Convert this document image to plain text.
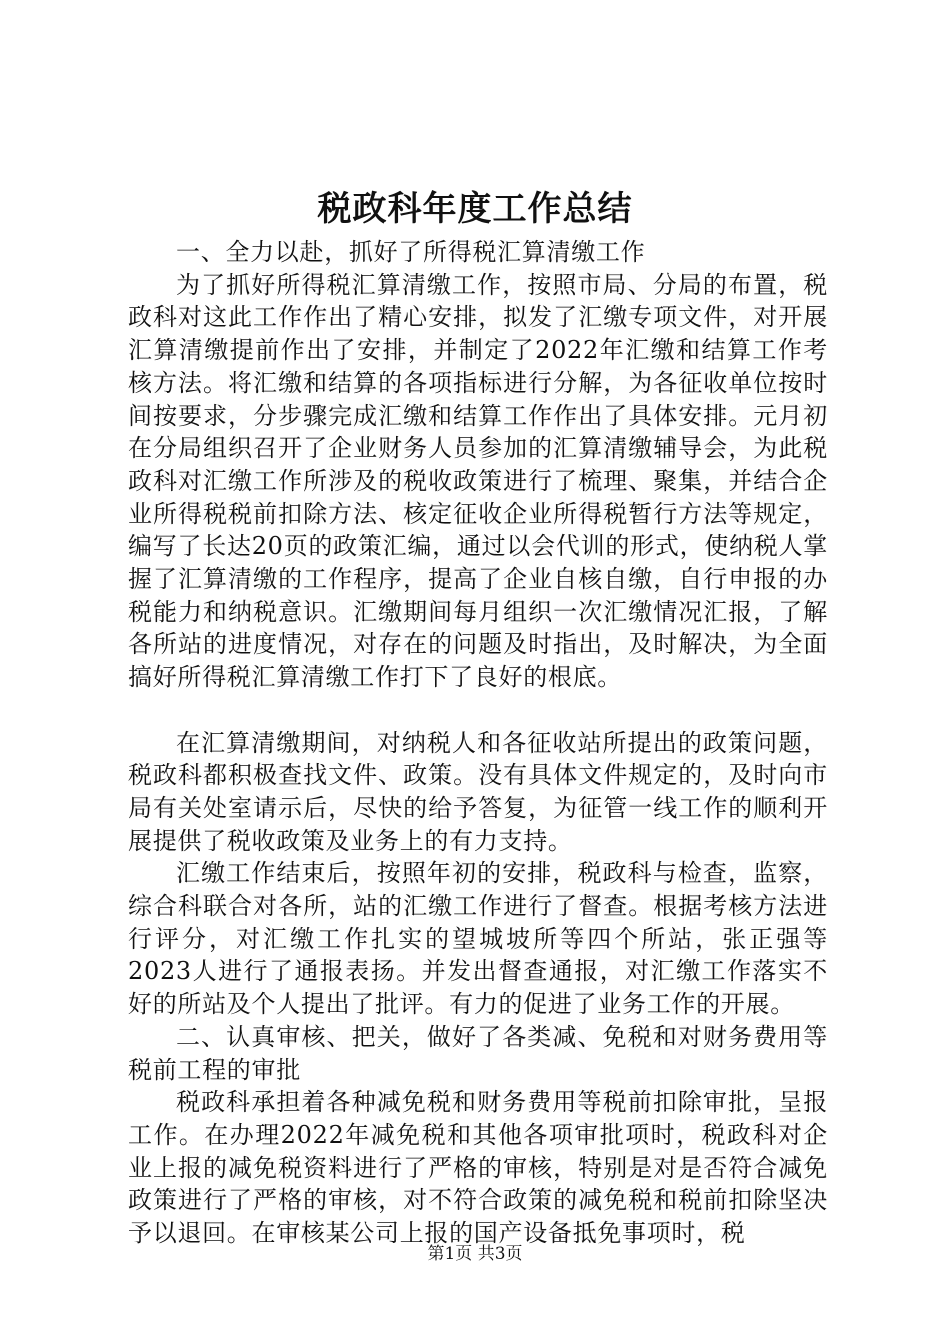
税政科年度工作总结

一、全力以赴，抓好了所得税汇算清缴工作

为了抓好所得税汇算清缴工作，按照市局、分局的布置，税政科对这此工作作出了精心安排，拟发了汇缴专项文件，对开展汇算清缴提前作出了安排，并制定了2022年汇缴和结算工作考核方法。将汇缴和结算的各项指标进行分解，为各征收单位按时间按要求，分步骤完成汇缴和结算工作作出了具体安排。元月初在分局组织召开了企业财务人员参加的汇算清缴辅导会，为此税政科对汇缴工作所涉及的税收政策进行了梳理、聚集，并结合企业所得税税前扣除方法、核定征收企业所得税暂行方法等规定，编写了长达20页的政策汇编，通过以会代训的形式，使纳税人掌握了汇算清缴的工作程序，提高了企业自核自缴，自行申报的办税能力和纳税意识。汇缴期间每月组织一次汇缴情况汇报，了解各所站的进度情况，对存在的问题及时指出，及时解决，为全面搞好所得税汇算清缴工作打下了良好的根底。

在汇算清缴期间，对纳税人和各征收站所提出的政策问题，税政科都积极查找文件、政策。没有具体文件规定的，及时向市局有关处室请示后，尽快的给予答复，为征管一线工作的顺利开展提供了税收政策及业务上的有力支持。

汇缴工作结束后，按照年初的安排，税政科与检查，监察，综合科联合对各所，站的汇缴工作进行了督查。根据考核方法进行评分，对汇缴工作扎实的望城坡所等四个所站，张正强等2023人进行了通报表扬。并发出督查通报，对汇缴工作落实不好的所站及个人提出了批评。有力的促进了业务工作的开展。

二、认真审核、把关，做好了各类减、免税和对财务费用等税前工程的审批

税政科承担着各种减免税和财务费用等税前扣除审批，呈报工作。在办理2022年减免税和其他各项审批项时，税政科对企业上报的减免税资料进行了严格的审核，特别是对是否符合减免政策进行了严格的审核，对不符合政策的减免税和税前扣除坚决予以退回。在审核某公司上报的国产设备抵免事项时，税

第1页 共3页
